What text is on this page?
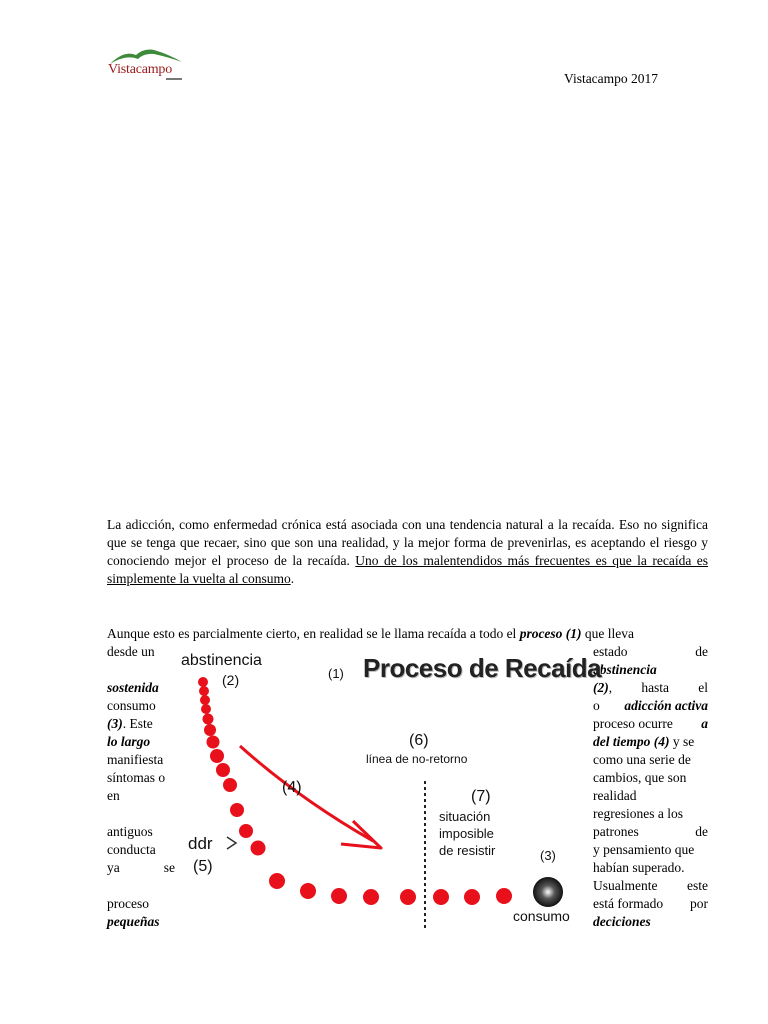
Vistacampo
Vistacampo 2017
La adicción, como enfermedad crónica está asociada con una tendencia natural a la recaída. Eso no significa que se tenga que recaer, sino que son una realidad, y la mejor forma de prevenirlas, es aceptando el riesgo y conociendo mejor el proceso de la recaída. Uno de los malentendidos más frecuentes es que la recaída es simplemente la vuelta al consumo.
Aunque esto es parcialmente cierto, en realidad se le llama recaída a todo el proceso (1) que lleva
desde un
sostenida
consumo
(3). Este
lo largo
manifiesta
síntomas o
en
antiguos
conducta
ya	se
proceso
pequeñas
estado	de
abstinencia
(2), hasta el
o adicción activa
proceso ocurre a
del tiempo (4) y se
como una serie de
cambios, que son
realidad
regresiones a los
patrones	de
y pensamiento que
habían superado.
Usualmente este
está formado por
deciciones
abstinencia
(2)	(1) Proceso de Recaída
(6)
línea de no-retorno
(4)
(7)
situación
imposible
de resistir	(3)
consumo
ddr
(5)
